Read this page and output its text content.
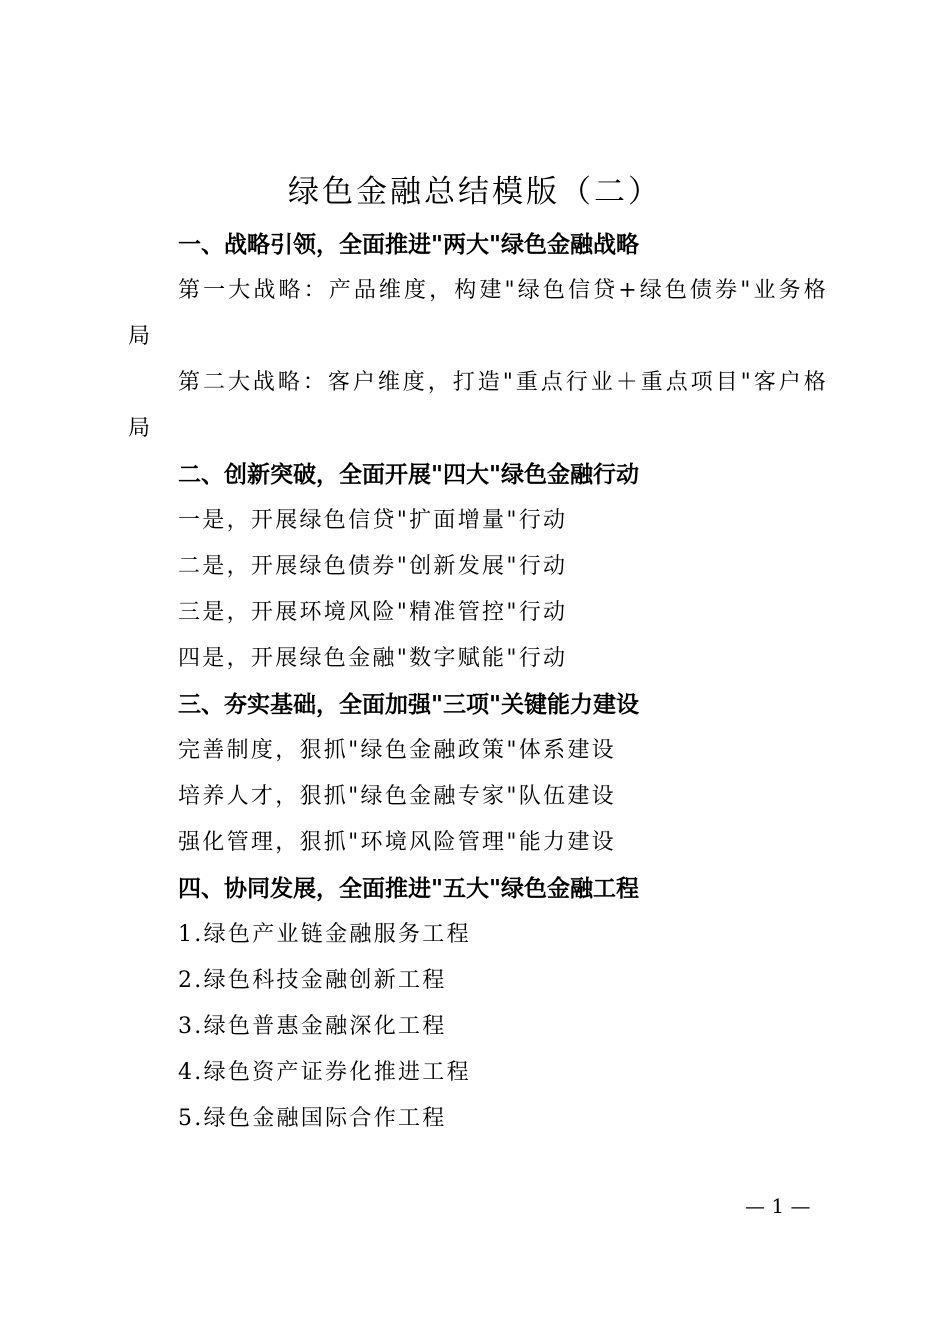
绿色金融总结模版（二）
一、战略引领，全面推进"两大"绿色金融战略
第一大战略：产品维度，构建"绿色信贷+绿色债券"业务格局
第二大战略：客户维度，打造"重点行业＋重点项目"客户格局
二、创新突破，全面开展"四大"绿色金融行动
一是，开展绿色信贷"扩面增量"行动
二是，开展绿色债券"创新发展"行动
三是，开展环境风险"精准管控"行动
四是，开展绿色金融"数字赋能"行动
三、夯实基础，全面加强"三项"关键能力建设
完善制度，狠抓"绿色金融政策"体系建设
培养人才，狠抓"绿色金融专家"队伍建设
强化管理，狠抓"环境风险管理"能力建设
四、协同发展，全面推进"五大"绿色金融工程
1.绿色产业链金融服务工程
2.绿色科技金融创新工程
3.绿色普惠金融深化工程
4.绿色资产证券化推进工程
5.绿色金融国际合作工程
— 1 —
